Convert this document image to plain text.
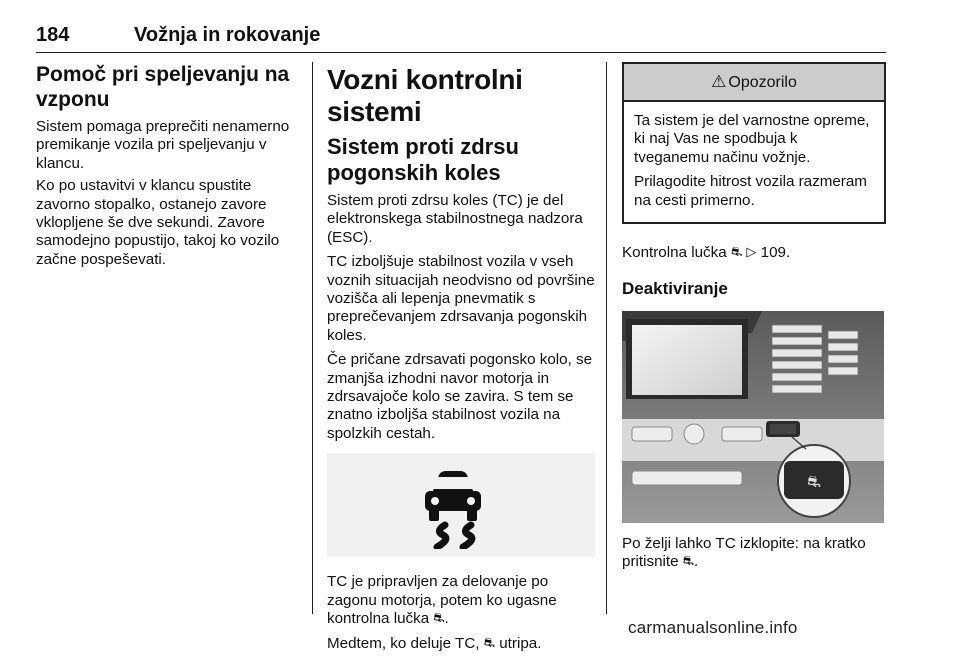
184	Vožnja in rokovanje
Pomoč pri speljevanju na vzponu

Sistem pomaga preprečiti nenamerno premikanje vozila pri speljevanju v klancu.

Ko po ustavitvi v klancu spustite zavorno stopalko, ostanejo zavore vklopljene še dve sekundi. Zavore samodejno popustijo, takoj ko vozilo začne pospeševati.

Vozni kontrolni sistemi
Sistem proti zdrsu pogonskih koles

Sistem proti zdrsu koles (TC) je del elektronskega stabilnostnega nadzora (ESC).

TC izboljšuje stabilnost vozila v vseh voznih situacijah neodvisno od površine vozišča ali lepenja pnevmatik s preprečevanjem zdrsavanja pogonskih koles.

Če pričane zdrsavati pogonsko kolo, se zmanjša izhodni navor motorja in zdrsavajoče kolo se zavira. S tem se znatno izboljša stabilnost vozila na spolzkih cestah.

TC je pripravljen za delovanje po zagonu motorja, potem ko ugasne kontrolna lučka ⛐.

Medtem, ko deluje TC, ⛐ utripa.

⚠ Opozorilo

Ta sistem je del varnostne opreme, ki naj Vas ne spodbuja k tveganemu načinu vožnje.

Prilagodite hitrost vozila razmeram na cesti primerno.

Kontrolna lučka ⛐ ▷ 109.

Deaktiviranje
⛐

Po želji lahko TC izklopite: na kratko pritisnite ⛐.

carmanualsonline.info
